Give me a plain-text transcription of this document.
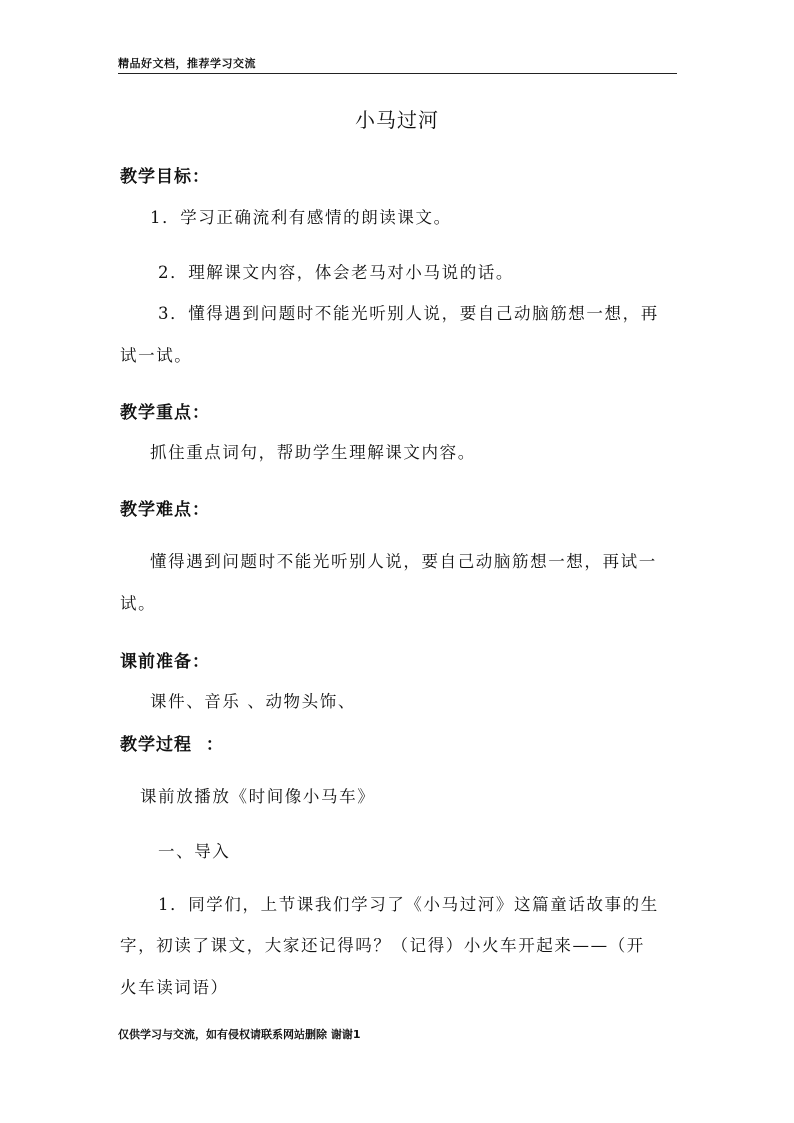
精品好文档，推荐学习交流
小马过河
教学目标：
1．学习正确流利有感情的朗读课文。
2．理解课文内容，体会老马对小马说的话。
3．懂得遇到问题时不能光听别人说，要自己动脑筋想一想，再
试一试。
教学重点：
抓住重点词句，帮助学生理解课文内容。
教学难点：
懂得遇到问题时不能光听别人说，要自己动脑筋想一想，再试一
试。
课前准备：
课件、音乐 、动物头饰、
教学过程  ：
课前放播放《时间像小马车》
一、导入
1．同学们，上节课我们学习了《小马过河》这篇童话故事的生
字，初读了课文，大家还记得吗？（记得）小火车开起来——（开
火车读词语）
仅供学习与交流，如有侵权请联系网站删除 谢谢1
